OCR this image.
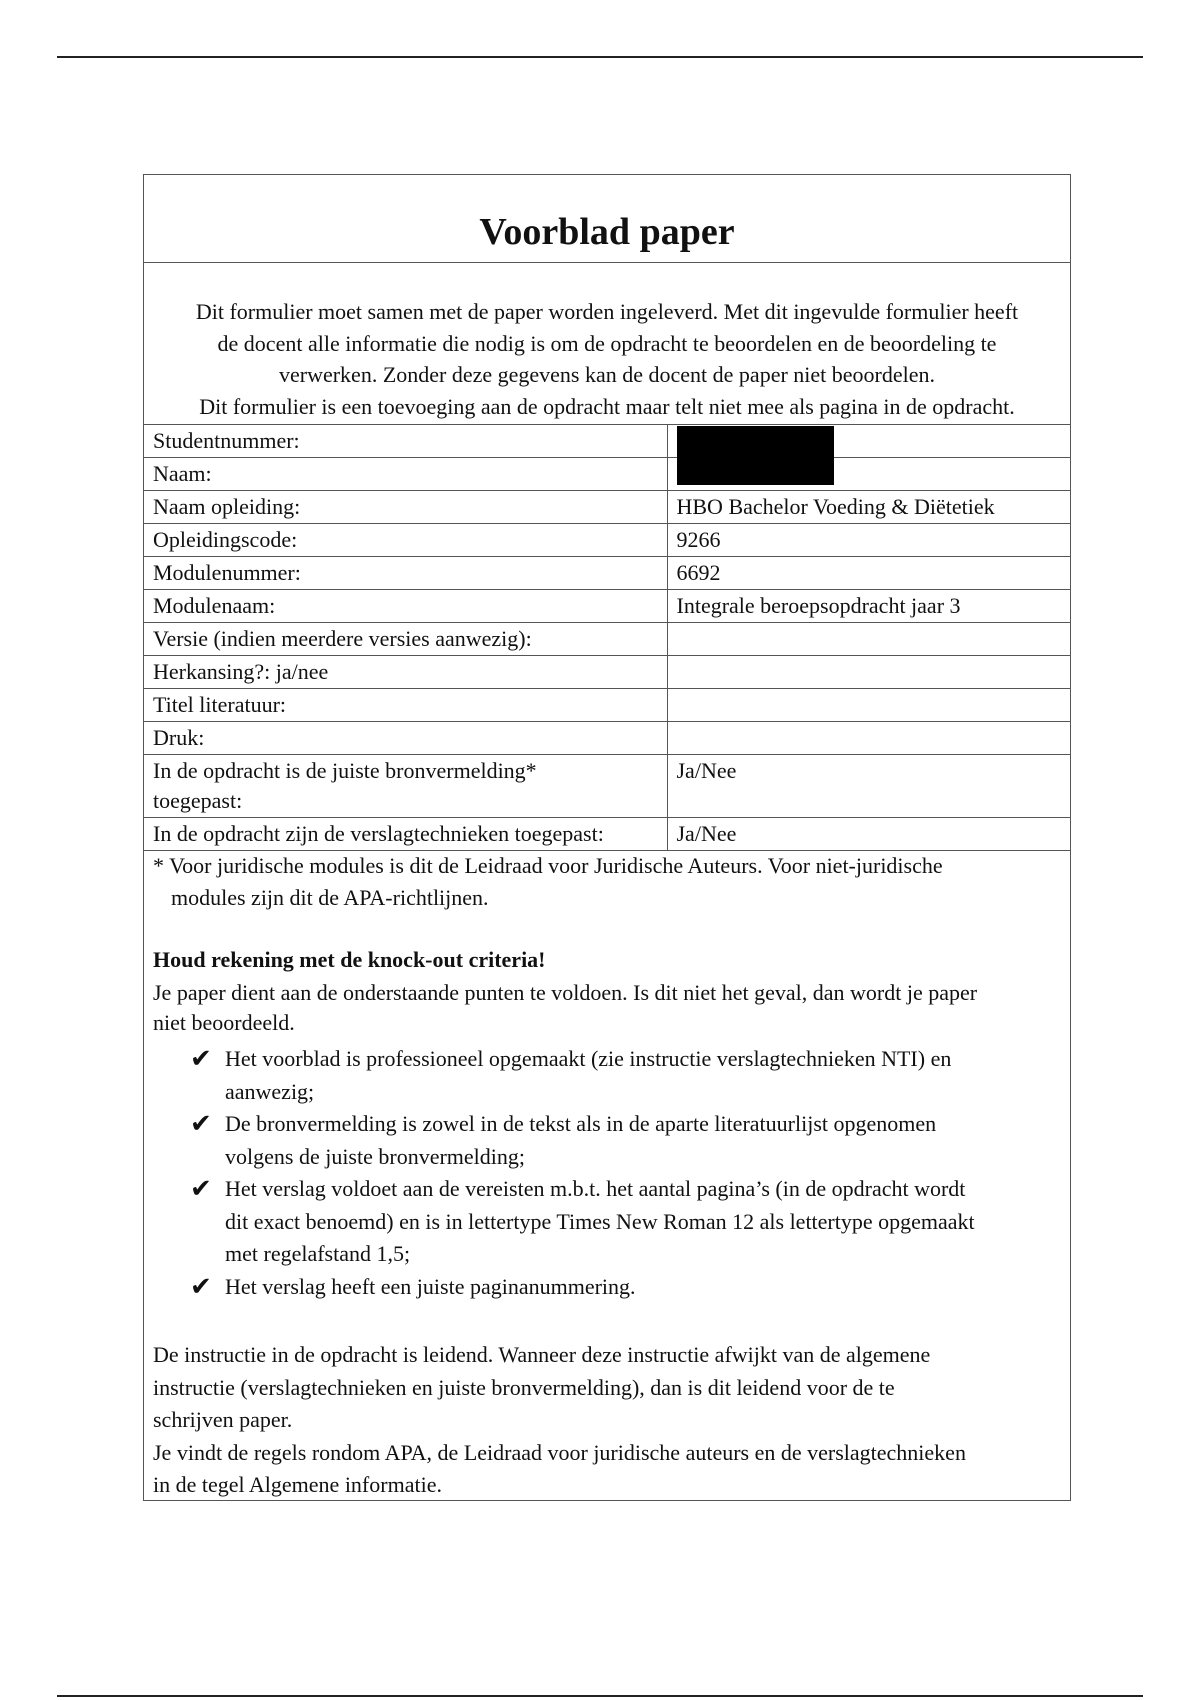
Voorblad paper
Dit formulier moet samen met de paper worden ingeleverd. Met dit ingevulde formulier heeft
de docent alle informatie die nodig is om de opdracht te beoordelen en de beoordeling te
verwerken. Zonder deze gegevens kan de docent de paper niet beoordelen.
Dit formulier is een toevoeging aan de opdracht maar telt niet mee als pagina in de opdracht.
Studentnummer:	
Naam:	
Naam opleiding:	HBO Bachelor Voeding & Diëtetiek
Opleidingscode:	9266
Modulenummer:	6692
Modulenaam:	Integrale beroepsopdracht jaar 3
Versie (indien meerdere versies aanwezig):	
Herkansing?: ja/nee	
Titel literatuur:	
Druk:	

In de opdracht is de juiste bronvermelding*
toegepast:	Ja/Nee
In de opdracht zijn de verslagtechnieken toegepast:	Ja/Nee
* Voor juridische modules is dit de Leidraad voor Juridische Auteurs. Voor niet-juridische
modules zijn dit de APA-richtlijnen.
Houd rekening met de knock-out criteria!
Je paper dient aan de onderstaande punten te voldoen. Is dit niet het geval, dan wordt je paper
niet beoordeeld.
✔ Het voorblad is professioneel opgemaakt (zie instructie verslagtechnieken NTI) en
aanwezig;
✔ De bronvermelding is zowel in de tekst als in de aparte literatuurlijst opgenomen
volgens de juiste bronvermelding;
✔ Het verslag voldoet aan de vereisten m.b.t. het aantal pagina’s (in de opdracht wordt
dit exact benoemd) en is in lettertype Times New Roman 12 als lettertype opgemaakt
met regelafstand 1,5;
✔ Het verslag heeft een juiste paginanummering.
De instructie in de opdracht is leidend. Wanneer deze instructie afwijkt van de algemene
instructie (verslagtechnieken en juiste bronvermelding), dan is dit leidend voor de te
schrijven paper.
Je vindt de regels rondom APA, de Leidraad voor juridische auteurs en de verslagtechnieken
in de tegel Algemene informatie.
